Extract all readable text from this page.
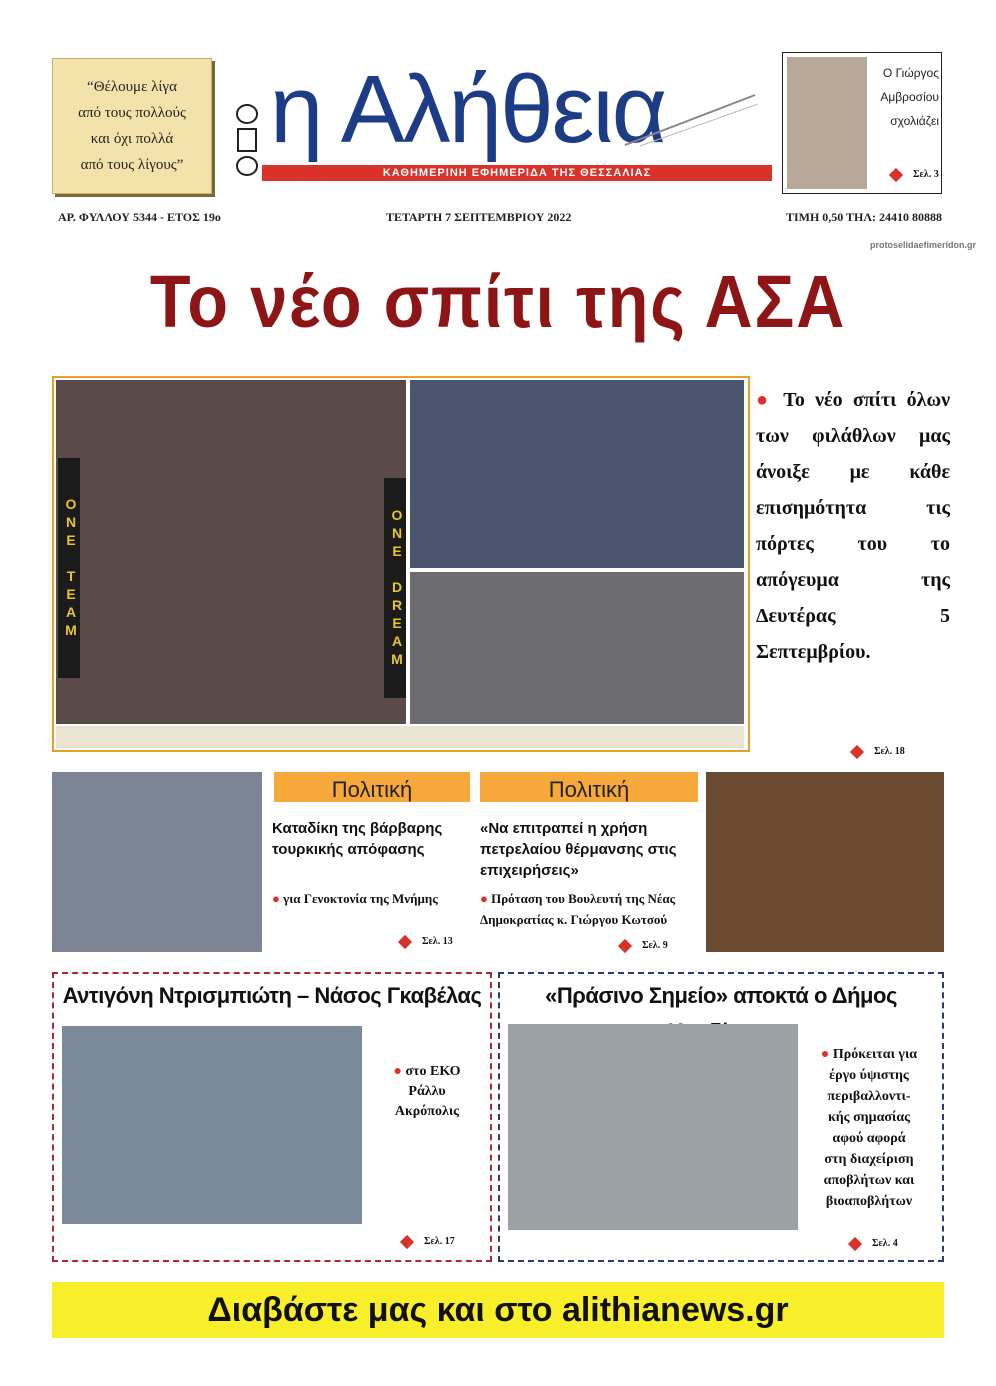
“Θέλουμε λίγα
από τους πολλούς
και όχι πολλά
από τους λίγους”
η Αλήθεια
ΚΑΘΗΜΕΡΙΝΗ ΕΦΗΜΕΡΙΔΑ ΤΗΣ ΘΕΣΣΑΛΙΑΣ
Ο Γιώργος
Αμβροσίου
σχολιάζει
Σελ. 3
ΑΡ. ΦΥΛΛΟΥ 5344 - ΕΤΟΣ 19ο	ΤΕΤΑΡΤΗ 7 ΣΕΠΤΕΜΒΡΙΟΥ 2022	ΤΙΜΗ 0,50 ΤΗΛ: 24410 80888
protoselidaefimeridon.gr
Το νέο σπίτι της ΑΣΑ
ONE TEAM	ONE DREAM
● Το νέο σπίτι όλων των φιλάθλων μας άνοιξε με κάθε επισημότητα τις πόρτες του το απόγευμα της Δευτέρας 5 Σεπτεμβρίου.
Σελ. 18
Πολιτική
Καταδίκη της βάρβαρης τουρκικής απόφασης
● για Γενοκτονία της Μνήμης
Σελ. 13
Πολιτική
«Να επιτραπεί η χρήση πετρελαίου θέρμανσης στις επιχειρήσεις»
● Πρόταση του Βουλευτή της Νέας Δημοκρατίας κ. Γιώργου Κωτσού
Σελ. 9
Αντιγόνη Ντρισμπιώτη – Νάσος Γκαβέλας
● στο ΕΚΟ
Ράλλυ
Ακρόπολις
Σελ. 17
«Πράσινο Σημείο» αποκτά ο Δήμος
● Πρόκειται για
έργο ύψιστης
περιβαλλοντι-
κής σημασίας
αφού αφορά
στη διαχείριση
αποβλήτων και
βιοαποβλήτων
Σελ. 4
Διαβάστε μας και στο alithianews.gr
